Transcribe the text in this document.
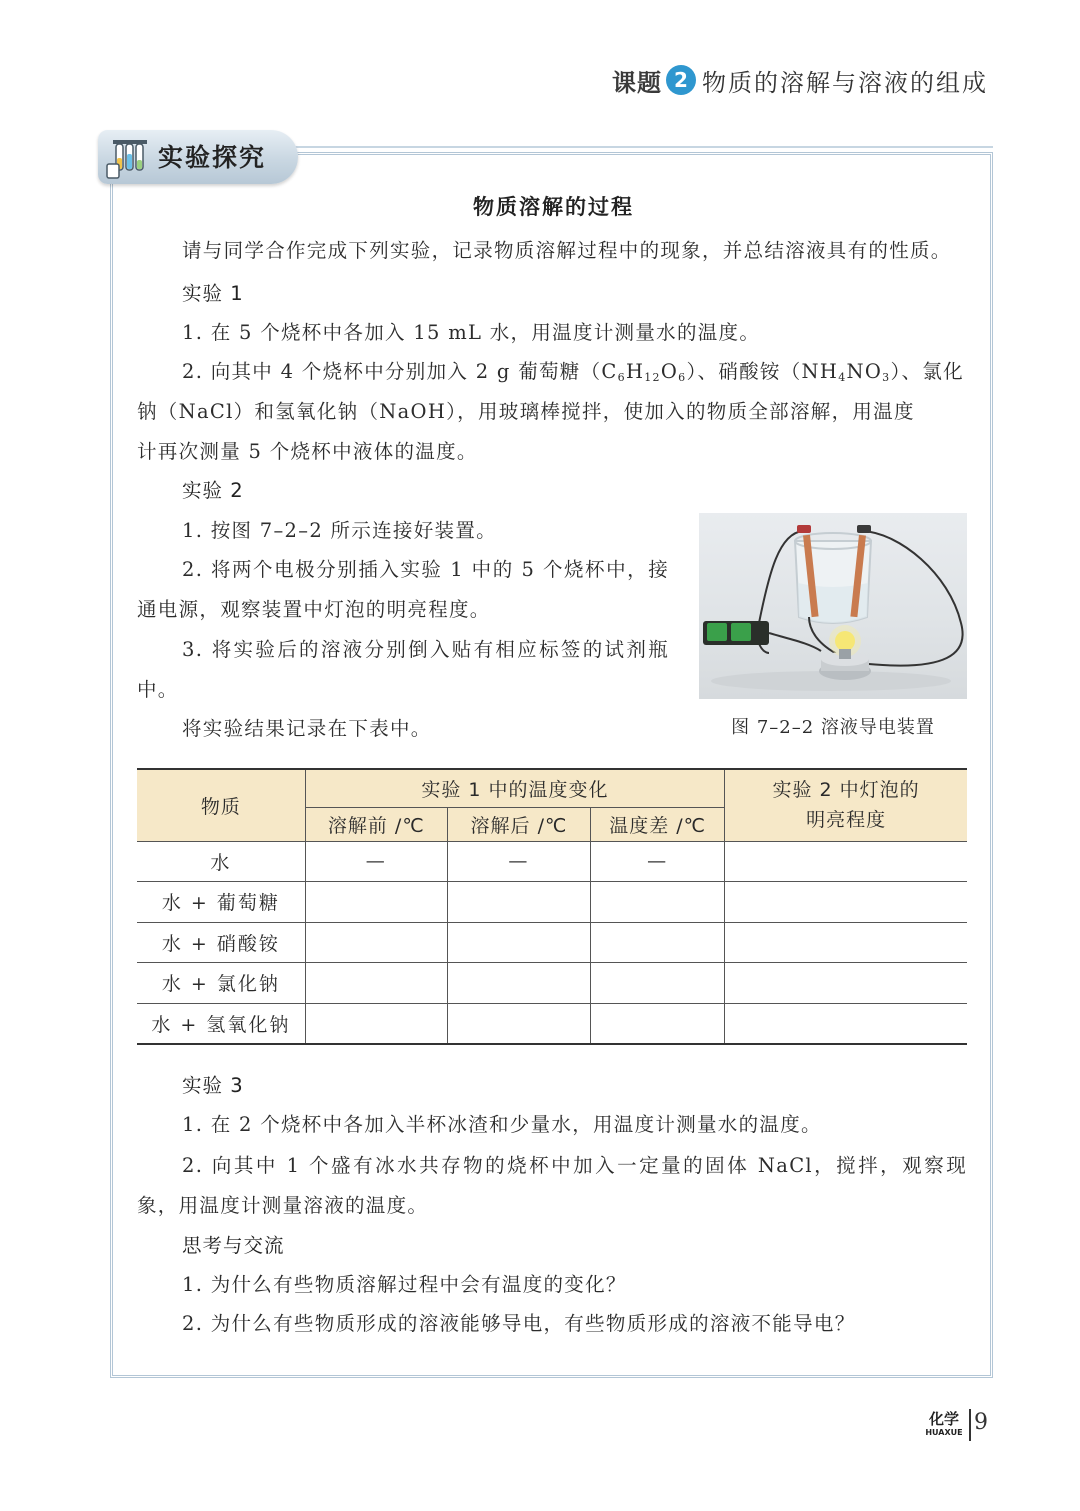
课题 2 物质的溶解与溶液的组成
实验探究
物质溶解的过程
请与同学合作完成下列实验，记录物质溶解过程中的现象，并总结溶液具有的性质。
实验 1
1. 在 5 个烧杯中各加入 15 mL 水，用温度计测量水的温度。
2. 向其中 4 个烧杯中分别加入 2 g 葡萄糖$(C_6H_{12}O_6)$、硝酸铵$(NH_4NO_3)$、氯化
钠（NaCl）和氢氧化钠（NaOH），用玻璃棒搅拌，使加入的物质全部溶解，用温度
计再次测量 5 个烧杯中液体的温度。
实验 2
1. 按图 7–2–2 所示连接好装置。
2. 将两个电极分别插入实验 1 中的 5 个烧杯中，接通电源，观察装置中灯泡的明亮程度。
3. 将实验后的溶液分别倒入贴有相应标签的试剂瓶中。
将实验结果记录在下表中。	图 7–2–2 溶液导电装置
物质	实验 1 中的温度变化			实验 2 中灯泡的明亮程度
	溶解前 /℃	溶解后 /℃	温度差 /℃	
水	—	—	—	
水 + 葡萄糖				
水 + 硝酸铵				
水 + 氯化钠				
水 + 氢氧化钠				
实验 3
1. 在 2 个烧杯中各加入半杯冰渣和少量水，用温度计测量水的温度。
2. 向其中 1 个盛有冰水共存物的烧杯中加入一定量的固体 NaCl，搅拌，观察现象，用温度计测量溶液的温度。
思考与交流
1. 为什么有些物质溶解过程中会有温度的变化？
2. 为什么有些物质形成的溶液能够导电，有些物质形成的溶液不能导电？
化学
HUAXUE 9
